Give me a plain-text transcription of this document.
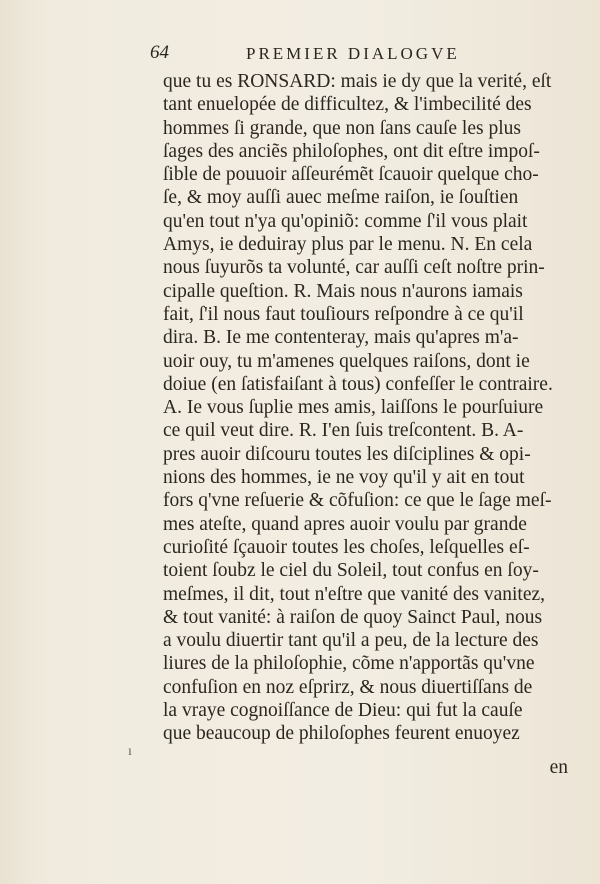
64	PREMIER DIALOGVE
que tu es RONSARD: mais ie dy que la verité, eſt
tant enuelopée de difficultez, & l'imbecilité des
hommes ſi grande, que non ſans cauſe les plus
ſages des anciẽs philoſophes, ont dit eſtre impoſ-
ſible de pouuoir aſſeurémẽt ſcauoir quelque cho-
ſe, & moy auſſi auec meſme raiſon, ie ſouſtien
qu'en tout n'ya qu'opiniõ: comme ſ'il vous plait
Amys, ie deduiray plus par le menu. N. En cela
nous ſuyurõs ta volunté, car auſſi ceſt noſtre prin-
cipalle queſtion. R. Mais nous n'aurons iamais
fait, ſ'il nous faut touſiours reſpondre à ce qu'il
dira. B. Ie me contenteray, mais qu'apres m'a-
uoir ouy, tu m'amenes quelques raiſons, dont ie
doiue (en ſatisfaiſant à tous) confeſſer le contraire.
A. Ie vous ſuplie mes amis, laiſſons le pourſuiure
ce quil veut dire. R. I'en ſuis treſcontent. B. A-
pres auoir diſcouru toutes les diſciplines & opi-
nions des hommes, ie ne voy qu'il y ait en tout
fors q'vne reſuerie & cõfuſion: ce que le ſage meſ-
mes ateſte, quand apres auoir voulu par grande
curioſité ſçauoir toutes les choſes, leſquelles eſ-
toient ſoubz le ciel du Soleil, tout confus en ſoy-
meſmes, il dit, tout n'eſtre que vanité des vanitez,
& tout vanité: à raiſon de quoy Sainct Paul, nous
a voulu diuertir tant qu'il a peu, de la lecture des
liures de la philoſophie, cõme n'apportãs qu'vne
confuſion en noz eſprirz, & nous diuertiſſans de
la vraye cognoiſſance de Dieu: qui fut la cauſe
que beaucoup de philoſophes feurent enuoyez
en
ı
